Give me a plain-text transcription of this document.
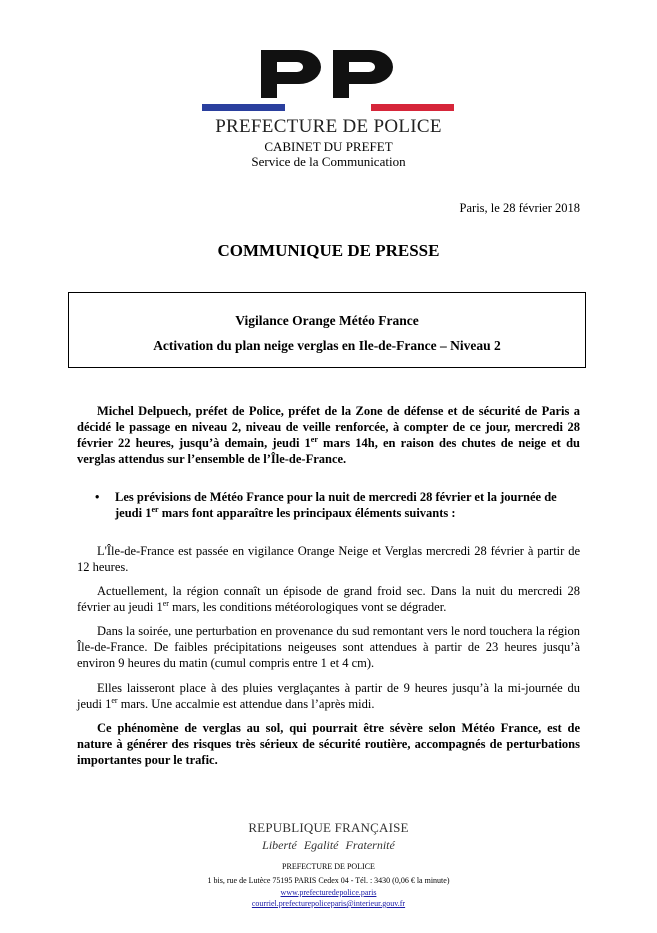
PREFECTURE DE POLICE
CABINET DU PREFET
Service de la Communication
Paris, le 28 février 2018
COMMUNIQUE DE PRESSE
Vigilance Orange Météo France
Activation du plan neige verglas en Ile-de-France – Niveau 2
Michel Delpuech, préfet de Police, préfet de la Zone de défense et de sécurité de Paris a décidé le passage en niveau 2, niveau de veille renforcée, à compter de ce jour, mercredi 28 février 22 heures, jusqu’à demain, jeudi 1er mars 14h, en raison des chutes de neige et du verglas attendus sur l’ensemble de l’Île-de-France.
• Les prévisions de Météo France pour la nuit de mercredi 28 février et la journée de jeudi 1er mars font apparaître les principaux éléments suivants :
L'Île-de-France est passée en vigilance Orange Neige et Verglas mercredi 28 février à partir de 12 heures.
Actuellement, la région connaît un épisode de grand froid sec. Dans la nuit du mercredi 28 février au jeudi 1er mars, les conditions météorologiques vont se dégrader.
Dans la soirée, une perturbation en provenance du sud remontant vers le nord touchera la région Île-de-France. De faibles précipitations neigeuses sont attendues à partir de 23 heures jusqu’à environ 9 heures du matin (cumul compris entre 1 et 4 cm).
Elles laisseront place à des pluies verglaçantes à partir de 9 heures jusqu’à la mi-journée du jeudi 1er mars. Une accalmie est attendue dans l’après midi.
Ce phénomène de verglas au sol, qui pourrait être sévère selon Météo France, est de nature à générer des risques très sérieux de sécurité routière, accompagnés de perturbations importantes pour le trafic.
REPUBLIQUE FRANÇAISE
Liberté Egalité Fraternité
PREFECTURE DE POLICE
1 bis, rue de Lutèce 75195 PARIS Cedex 04 - Tél. : 3430 (0,06 € la minute)
www.prefecturedepolice.paris
courriel.prefecturepoliceparis@interieur.gouv.fr
